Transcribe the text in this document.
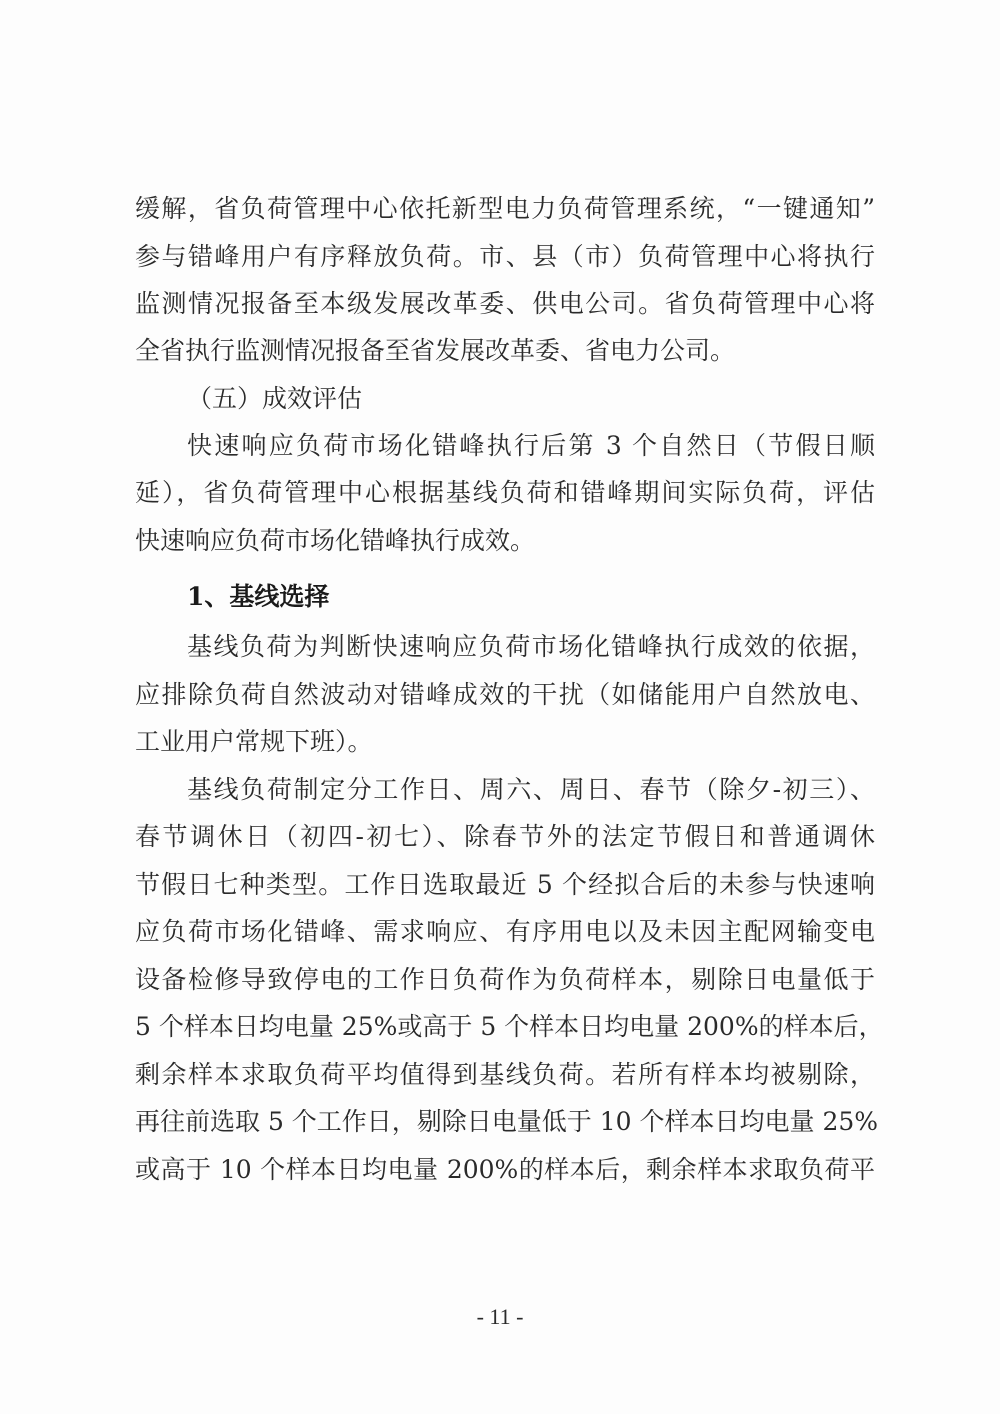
缓解，省负荷管理中心依托新型电力负荷管理系统，“一键通知”
参与错峰用户有序释放负荷。市、县（市）负荷管理中心将执行
监测情况报备至本级发展改革委、供电公司。省负荷管理中心将
全省执行监测情况报备至省发展改革委、省电力公司。
（五）成效评估
快速响应负荷市场化错峰执行后第 3 个自然日（节假日顺
延），省负荷管理中心根据基线负荷和错峰期间实际负荷，评估
快速响应负荷市场化错峰执行成效。
1、基线选择
基线负荷为判断快速响应负荷市场化错峰执行成效的依据，
应排除负荷自然波动对错峰成效的干扰（如储能用户自然放电、
工业用户常规下班）。
基线负荷制定分工作日、周六、周日、春节（除夕-初三）、
春节调休日（初四-初七）、除春节外的法定节假日和普通调休
节假日七种类型。工作日选取最近 5 个经拟合后的未参与快速响
应负荷市场化错峰、需求响应、有序用电以及未因主配网输变电
设备检修导致停电的工作日负荷作为负荷样本，剔除日电量低于
5 个样本日均电量 25%或高于 5 个样本日均电量 200%的样本后，
剩余样本求取负荷平均值得到基线负荷。若所有样本均被剔除，
再往前选取 5 个工作日，剔除日电量低于 10 个样本日均电量 25%
或高于 10 个样本日均电量 200%的样本后，剩余样本求取负荷平
- 11 -
